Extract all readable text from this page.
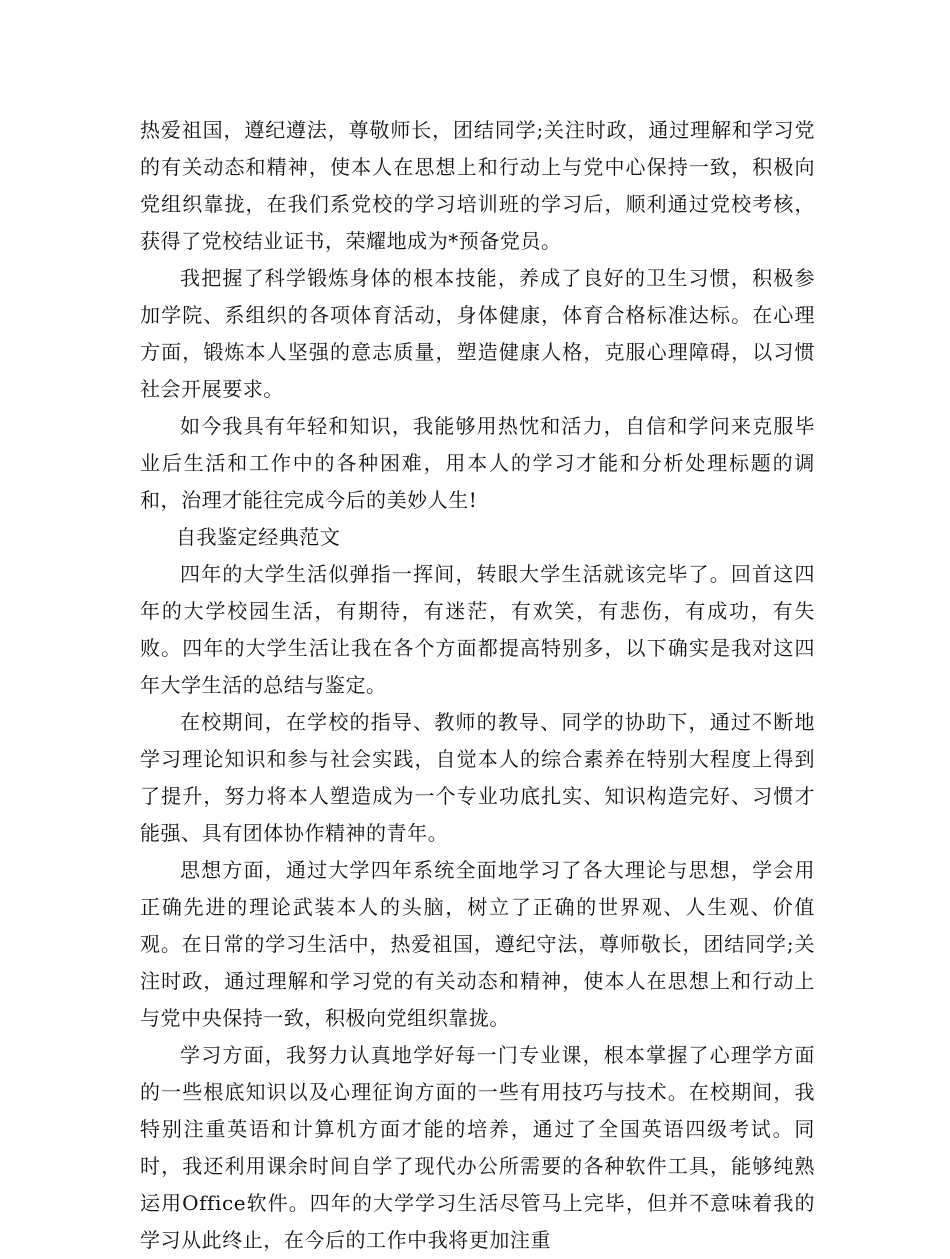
热爱祖国，遵纪遵法，尊敬师长，团结同学;关注时政，通过理解和学习党的有关动态和精神，使本人在思想上和行动上与党中心保持一致，积极向党组织靠拢，在我们系党校的学习培训班的学习后，顺利通过党校考核，获得了党校结业证书，荣耀地成为*预备党员。

我把握了科学锻炼身体的根本技能，养成了良好的卫生习惯，积极参加学院、系组织的各项体育活动，身体健康，体育合格标准达标。在心理方面，锻炼本人坚强的意志质量，塑造健康人格，克服心理障碍，以习惯社会开展要求。

如今我具有年轻和知识，我能够用热忱和活力，自信和学问来克服毕业后生活和工作中的各种困难，用本人的学习才能和分析处理标题的调和，治理才能往完成今后的美妙人生!

自我鉴定经典范文

四年的大学生活似弹指一挥间，转眼大学生活就该完毕了。回首这四年的大学校园生活，有期待，有迷茫，有欢笑，有悲伤，有成功，有失败。四年的大学生活让我在各个方面都提高特别多，以下确实是我对这四年大学生活的总结与鉴定。

在校期间，在学校的指导、教师的教导、同学的协助下，通过不断地学习理论知识和参与社会实践，自觉本人的综合素养在特别大程度上得到了提升，努力将本人塑造成为一个专业功底扎实、知识构造完好、习惯才能强、具有团体协作精神的青年。

思想方面，通过大学四年系统全面地学习了各大理论与思想，学会用正确先进的理论武装本人的头脑，树立了正确的世界观、人生观、价值观。在日常的学习生活中，热爱祖国，遵纪守法，尊师敬长，团结同学;关注时政，通过理解和学习党的有关动态和精神，使本人在思想上和行动上与党中央保持一致，积极向党组织靠拢。

学习方面，我努力认真地学好每一门专业课，根本掌握了心理学方面的一些根底知识以及心理征询方面的一些有用技巧与技术。在校期间，我特别注重英语和计算机方面才能的培养，通过了全国英语四级考试。同时，我还利用课余时间自学了现代办公所需要的各种软件工具，能够纯熟运用Office软件。四年的大学学习生活尽管马上完毕，但并不意味着我的学习从此终止，在今后的工作中我将更加注重
